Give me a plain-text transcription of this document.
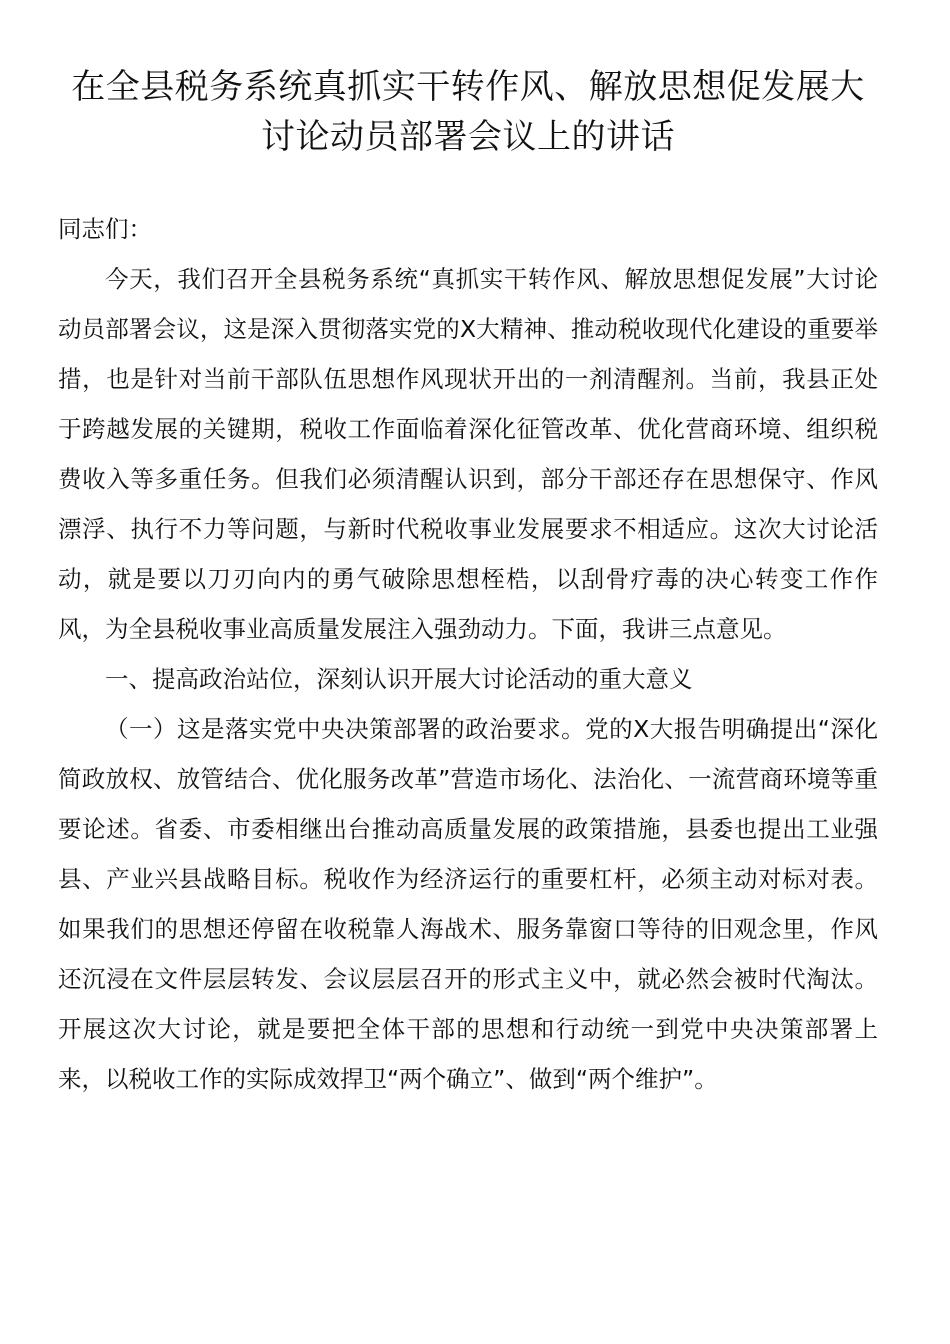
在全县税务系统真抓实干转作风、解放思想促发展大讨论动员部署会议上的讲话

同志们：

今天，我们召开全县税务系统“真抓实干转作风、解放思想促发展”大讨论动员部署会议，这是深入贯彻落实党的X大精神、推动税收现代化建设的重要举措，也是针对当前干部队伍思想作风现状开出的一剂清醒剂。当前，我县正处于跨越发展的关键期，税收工作面临着深化征管改革、优化营商环境、组织税费收入等多重任务。但我们必须清醒认识到，部分干部还存在思想保守、作风漂浮、执行不力等问题，与新时代税收事业发展要求不相适应。这次大讨论活动，就是要以刀刃向内的勇气破除思想桎梏，以刮骨疗毒的决心转变工作作风，为全县税收事业高质量发展注入强劲动力。下面，我讲三点意见。

一、提高政治站位，深刻认识开展大讨论活动的重大意义

（一）这是落实党中央决策部署的政治要求。党的X大报告明确提出“深化简政放权、放管结合、优化服务改革”营造市场化、法治化、一流营商环境等重要论述。省委、市委相继出台推动高质量发展的政策措施，县委也提出工业强县、产业兴县战略目标。税收作为经济运行的重要杠杆，必须主动对标对表。如果我们的思想还停留在收税靠人海战术、服务靠窗口等待的旧观念里，作风还沉浸在文件层层转发、会议层层召开的形式主义中，就必然会被时代淘汰。开展这次大讨论，就是要把全体干部的思想和行动统一到党中央决策部署上来，以税收工作的实际成效捍卫“两个确立”、做到“两个维护”。
